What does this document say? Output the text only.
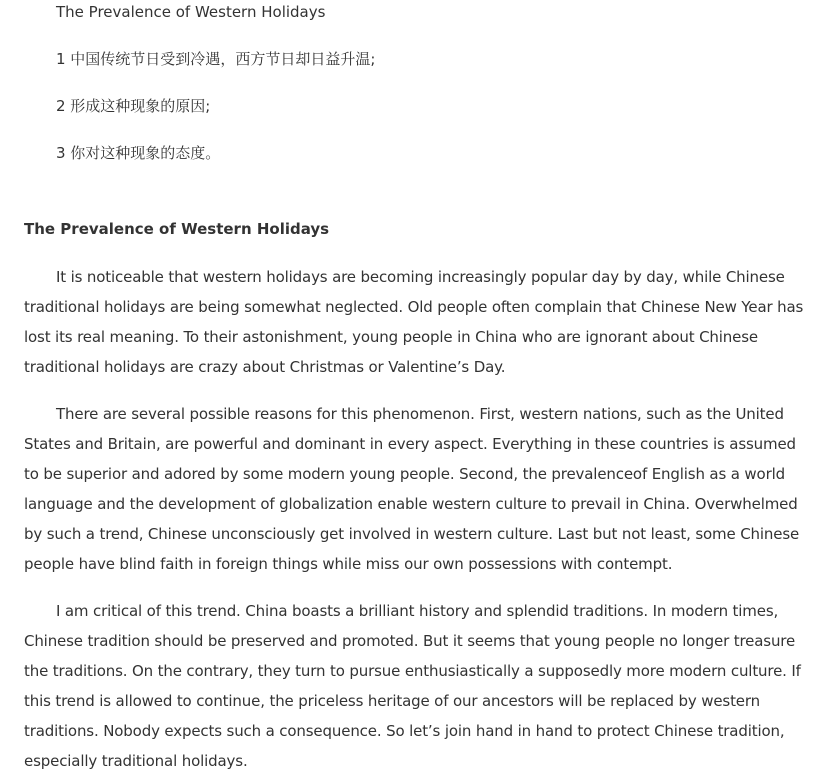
The Prevalence of Western Holidays

1 中国传统节日受到冷遇，西方节日却日益升温;

2 形成这种现象的原因;

3 你对这种现象的态度。

The Prevalence of Western Holidays

It is noticeable that western holidays are becoming increasingly popular day by day, while Chinese traditional holidays are being somewhat neglected. Old people often complain that Chinese New Year has lost its real meaning. To their astonishment, young people in China who are ignorant about Chinese traditional holidays are crazy about Christmas or Valentine’s Day.

There are several possible reasons for this phenomenon. First, western nations, such as the United States and Britain, are powerful and dominant in every aspect. Everything in these countries is assumed to be superior and adored by some modern young people. Second, the prevalenceof English as a world language and the development of globalization enable western culture to prevail in China. Overwhelmed by such a trend, Chinese unconsciously get involved in western culture. Last but not least, some Chinese people have blind faith in foreign things while miss our own possessions with contempt.

I am critical of this trend. China boasts a brilliant history and splendid traditions. In modern times, Chinese tradition should be preserved and promoted. But it seems that young people no longer treasure the traditions. On the contrary, they turn to pursue enthusiastically a supposedly more modern culture. If this trend is allowed to continue, the priceless heritage of our ancestors will be replaced by western traditions. Nobody expects such a consequence. So let’s join hand in hand to protect Chinese tradition, especially traditional holidays.
